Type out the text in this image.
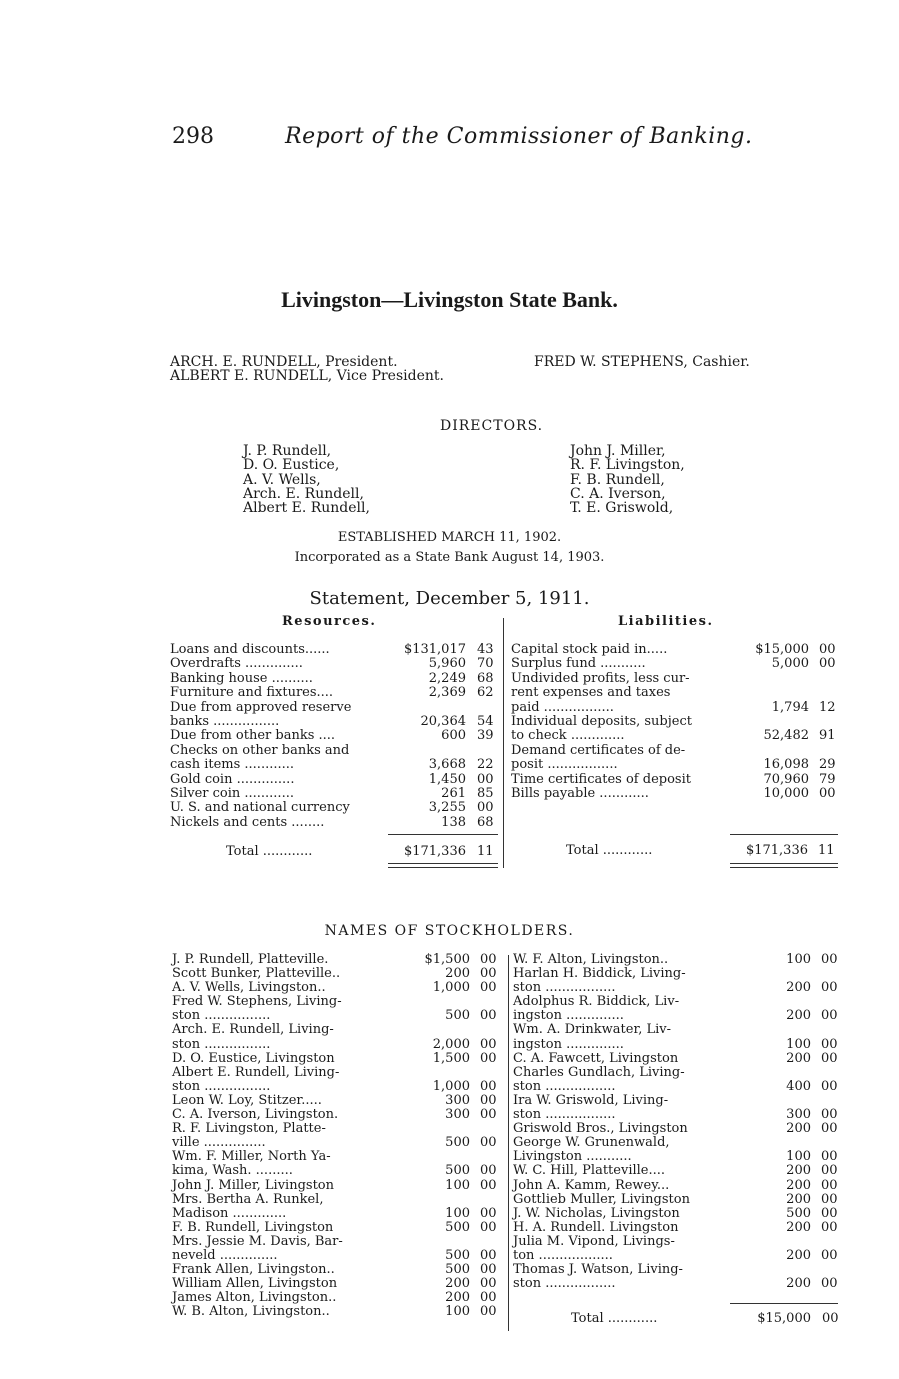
298	Report of the Commissioner of Banking.
Livingston—Livingston State Bank.
ARCH. E. RUNDELL, President.
ALBERT E. RUNDELL, Vice President.
FRED W. STEPHENS, Cashier.
DIRECTORS.
J. P. Rundell,
D. O. Eustice,
A. V. Wells,
Arch. E. Rundell,
Albert E. Rundell,
John J. Miller,
R. F. Livingston,
F. B. Rundell,
C. A. Iverson,
T. E. Griswold,
ESTABLISHED MARCH 11, 1902.
Incorporated as a State Bank August 14, 1903.
Statement, December 5, 1911.
Resources.	Liabilities.
Loans and discounts......	$131,017 43
Overdrafts ..............	5,960 70
Banking house ..........	2,249 68
Furniture and fixtures....	2,369 62
Due from approved reserve
banks ................	20,364 54
Due from other banks ....	600 39
Checks on other banks and
cash items ............	3,668 22
Gold coin ..............	1,450 00
Silver coin ............	261 85
U. S. and national currency	3,255 00
Nickels and cents ........	138 68
Capital stock paid in.....	$15,000 00
Surplus fund ...........	5,000 00
Undivided profits, less cur-
rent expenses and taxes
paid .................	1,794 12
Individual deposits, subject
to check .............	52,482 91
Demand certificates of de-
posit .................	16,098 29
Time certificates of deposit	70,960 79
Bills payable ............	10,000 00
Total ............	$171,336 11	Total ............	$171,336 11
NAMES OF STOCKHOLDERS.
J. P. Rundell, Platteville.	$1,500 00
Scott Bunker, Platteville..	200 00
A. V. Wells, Livingston..	1,000 00
Fred W. Stephens, Living-
ston ................	500 00
Arch. E. Rundell, Living-
ston ................	2,000 00
D. O. Eustice, Livingston	1,500 00
Albert E. Rundell, Living-
ston ................	1,000 00
Leon W. Loy, Stitzer.....	300 00
C. A. Iverson, Livingston.	300 00
R. F. Livingston, Platte-
ville ...............	500 00
Wm. F. Miller, North Ya-
kima, Wash. .........	500 00
John J. Miller, Livingston	100 00
Mrs. Bertha A. Runkel,
Madison .............	100 00
F. B. Rundell, Livingston	500 00
Mrs. Jessie M. Davis, Bar-
neveld ..............	500 00
Frank Allen, Livingston..	500 00
William Allen, Livingston	200 00
James Alton, Livingston..	200 00
W. B. Alton, Livingston..	100 00
W. F. Alton, Livingston..	100 00
Harlan H. Biddick, Living-
ston .................	200 00
Adolphus R. Biddick, Liv-
ingston ..............	200 00
Wm. A. Drinkwater, Liv-
ingston ..............	100 00
C. A. Fawcett, Livingston	200 00
Charles Gundlach, Living-
ston .................	400 00
Ira W. Griswold, Living-
ston .................	300 00
Griswold Bros., Livingston	200 00
George W. Grunenwald,
Livingston ...........	100 00
W. C. Hill, Platteville....	200 00
John A. Kamm, Rewey...	200 00
Gottlieb Muller, Livingston	200 00
J. W. Nicholas, Livingston	500 00
H. A. Rundell. Livingston	200 00
Julia M. Vipond, Livings-
ton ..................	200 00
Thomas J. Watson, Living-
ston .................	200 00
Total ............	$15,000 00
